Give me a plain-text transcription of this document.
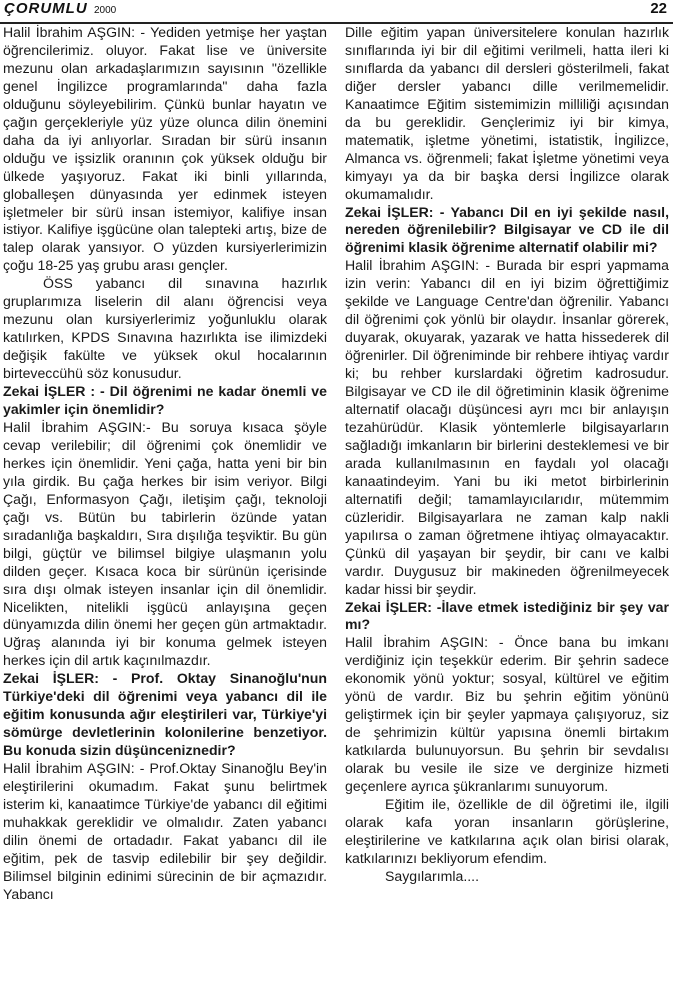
ÇORUMLU 2000	22

Halil İbrahim AŞGIN: - Yediden yetmişe her yaştan öğrencilerimiz. oluyor. Fakat lise ve üniversite mezunu olan arkadaşlarımızın sayısının "özellikle genel İngilizce programlarında" daha fazla olduğunu söyleyebilirim. Çünkü bunlar hayatın ve çağın gerçekleriyle yüz yüze olunca dilin önemini daha da iyi anlıyorlar. Sıradan bir sürü insanın olduğu ve işsizlik oranının çok yüksek olduğu bir ülkede yaşıyoruz. Fakat iki binli yıllarında, globalleşen dünyasında yer edinmek isteyen işletmeler bir sürü insan istemiyor, kalifiye insan istiyor. Kalifiye işgücüne olan talepteki artış, bize de talep olarak yansıyor. O yüzden kursiyerlerimizin çoğu 18-25 yaş grubu arası gençler.

ÖSS yabancı dil sınavına hazırlık gruplarımıza liselerin dil alanı öğrencisi veya mezunu olan kursiyerlerimiz yoğunluklu olarak katılırken, KPDS Sınavına hazırlıkta ise ilimizdeki değişik fakülte ve yüksek okul hocalarının birteveccühü söz konusudur.

Zekai İŞLER : - Dil öğrenimi ne kadar önemli ve yakimler için önemlidir?

Halil İbrahim AŞGIN:- Bu soruya kısaca şöyle cevap verilebilir; dil öğrenimi çok önemlidir ve herkes için önemlidir. Yeni çağa, hatta yeni bir bin yıla girdik. Bu çağa herkes bir isim veriyor. Bilgi Çağı, Enformasyon Çağı, iletişim çağı, teknoloji çağı vs. Bütün bu tabirlerin özünde yatan sıradanlığa başkaldırı, Sıra dışılığa teşviktir. Bu gün bilgi, güçtür ve bilimsel bilgiye ulaşmanın yolu dilden geçer. Kısaca koca bir sürünün içerisinde sıra dışı olmak isteyen insanlar için dil önemlidir. Nicelikten, nitelikli işgücü anlayışına geçen dünyamızda dilin önemi her geçen gün artmaktadır. Uğraş alanında iyi bir konuma gelmek isteyen herkes için dil artık kaçınılmazdır.

Zekai İŞLER: - Prof. Oktay Sinanoğlu'nun Türkiye'deki dil öğrenimi veya yabancı dil ile eğitim konusunda ağır eleştirileri var, Türkiye'yi sömürge devletlerinin kolonilerine benzetiyor. Bu konuda sizin düşünceniznedir?

Halil İbrahim AŞGIN: - Prof.Oktay Sinanoğlu Bey'in eleştirilerini okumadım. Fakat şunu belirtmek isterim ki, kanaatimce Türkiye'de yabancı dil eğitimi muhakkak gereklidir ve olmalıdır. Zaten yabancı dilin önemi de ortadadır. Fakat yabancı dil ile eğitim, pek de tasvip edilebilir bir şey değildir. Bilimsel bilginin edinimi sürecinin de bir açmazıdır. Yabancı

Dille eğitim yapan üniversitelere konulan hazırlık sınıflarında iyi bir dil eğitimi verilmeli, hatta ileri ki sınıflarda da yabancı dil dersleri gösterilmeli, fakat diğer dersler yabancı dille verilmemelidir. Kanaatimce Eğitim sistemimizin milliliği açısından da bu gereklidir. Gençlerimiz iyi bir kimya, matematik, işletme yönetimi, istatistik, İngilizce, Almanca vs. öğrenmeli; fakat İşletme yönetimi veya kimyayı ya da bir başka dersi İngilizce olarak okumamalıdır.

Zekai İŞLER: - Yabancı Dil en iyi şekilde nasıl, nereden öğrenilebilir? Bilgisayar ve CD ile dil öğrenimi klasik öğrenime alternatif olabilir mi?

Halil İbrahim AŞGIN: - Burada bir espri yapmama izin verin: Yabancı dil en iyi bizim öğrettiğimiz şekilde ve Language Centre'dan öğrenilir. Yabancı dil öğrenimi çok yönlü bir olaydır. İnsanlar görerek, duyarak, okuyarak, yazarak ve hatta hissederek dil öğrenirler. Dil öğreniminde bir rehbere ihtiyaç vardır ki; bu rehber kurslardaki öğretim kadrosudur. Bilgisayar ve CD ile dil öğretiminin klasik öğrenime alternatif olacağı düşüncesi ayrı mcı bir anlayışın tezahürüdür. Klasik yöntemlerle bilgisayarların sağladığı imkanların bir birlerini desteklemesi ve bir arada kullanılmasının en faydalı yol olacağı kanaatindeyim. Yani bu iki metot birbirlerinin alternatifi değil; tamamlayıcılarıdır, mütemmim cüzleridir. Bilgisayarlara ne zaman kalp nakli yapılırsa o zaman öğretmene ihtiyaç olmayacaktır. Çünkü dil yaşayan bir şeydir, bir canı ve kalbi vardır. Duygusuz bir makineden öğrenilmeyecek kadar hissi bir şeydir.

Zekai İŞLER: -İlave etmek istediğiniz bir şey var mı?

Halil İbrahim AŞGIN: - Önce bana bu imkanı verdiğiniz için teşekkür ederim. Bir şehrin sadece ekonomik yönü yoktur; sosyal, kültürel ve eğitim yönü de vardır. Biz bu şehrin eğitim yönünü geliştirmek için bir şeyler yapmaya çalışıyoruz, siz de şehrimizin kültür yapısına önemli birtakım katkılarda bulunuyorsun. Bu şehrin bir sevdalısı olarak bu vesile ile size ve derginize hizmeti geçenlere ayrıca şükranlarımı sunuyorum.

Eğitim ile, özellikle de dil öğretimi ile, ilgili olarak kafa yoran insanların görüşlerine, eleştirilerine ve katkılarına açık olan birisi olarak, katkılarınızı bekliyorum efendim.

Saygılarımla....
